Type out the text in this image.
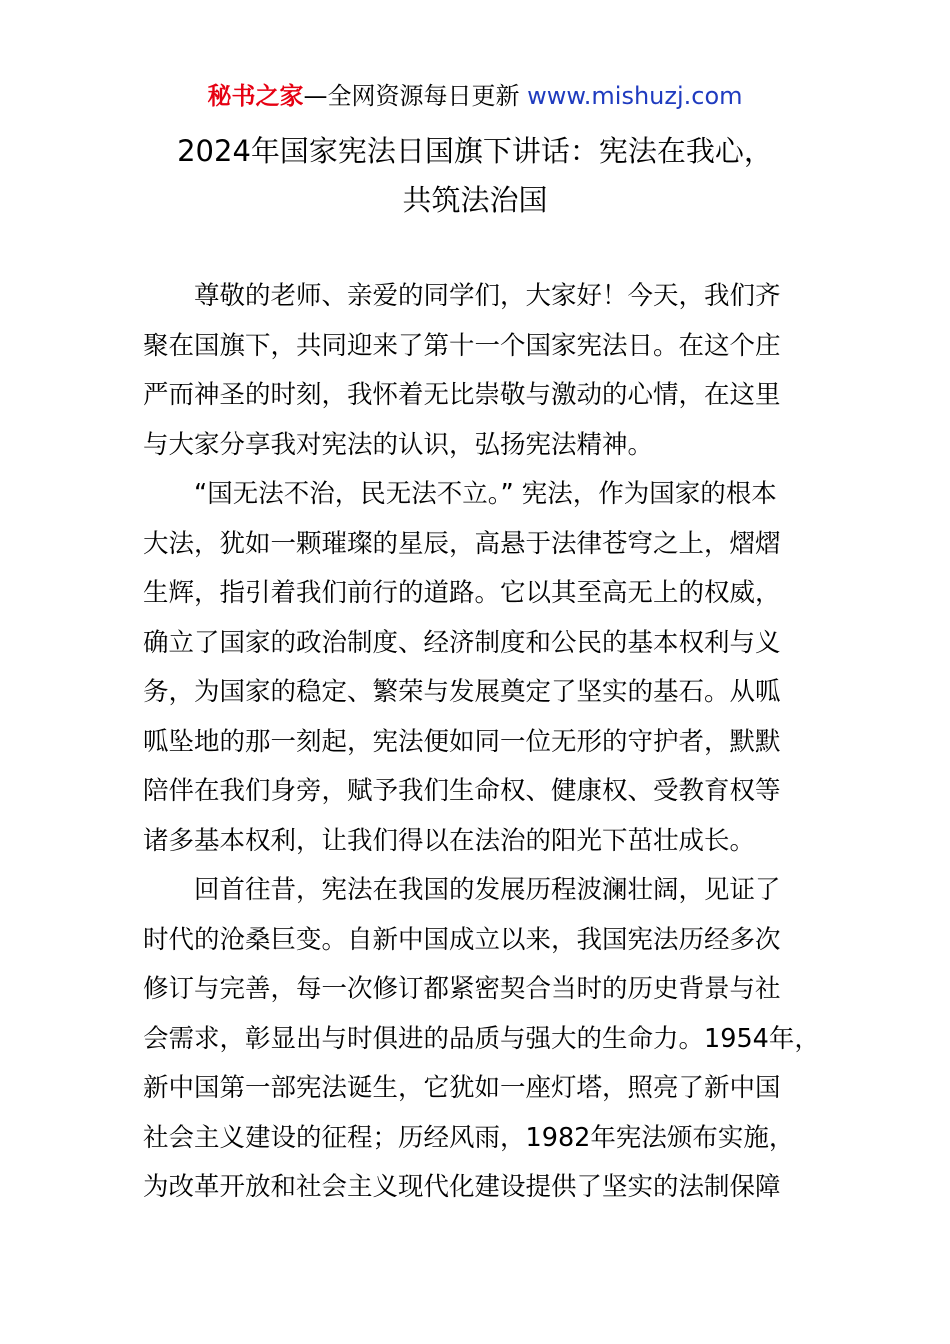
秘书之家—全网资源每日更新 www.mishuzj.com
2024年国家宪法日国旗下讲话：宪法在我心，
共筑法治国
尊敬的老师、亲爱的同学们，大家好！今天，我们齐
聚在国旗下，共同迎来了第十一个国家宪法日。在这个庄
严而神圣的时刻，我怀着无比崇敬与激动的心情，在这里
与大家分享我对宪法的认识，弘扬宪法精神。
“国无法不治，民无法不立。” 宪法，作为国家的根本
大法，犹如一颗璀璨的星辰，高悬于法律苍穹之上，熠熠
生辉，指引着我们前行的道路。它以其至高无上的权威，
确立了国家的政治制度、经济制度和公民的基本权利与义
务，为国家的稳定、繁荣与发展奠定了坚实的基石。从呱
呱坠地的那一刻起，宪法便如同一位无形的守护者，默默
陪伴在我们身旁，赋予我们生命权、健康权、受教育权等
诸多基本权利，让我们得以在法治的阳光下茁壮成长。
回首往昔，宪法在我国的发展历程波澜壮阔，见证了
时代的沧桑巨变。自新中国成立以来，我国宪法历经多次
修订与完善，每一次修订都紧密契合当时的历史背景与社
会需求，彰显出与时俱进的品质与强大的生命力。1954年，
新中国第一部宪法诞生，它犹如一座灯塔，照亮了新中国
社会主义建设的征程；历经风雨，1982年宪法颁布实施，
为改革开放和社会主义现代化建设提供了坚实的法制保障
